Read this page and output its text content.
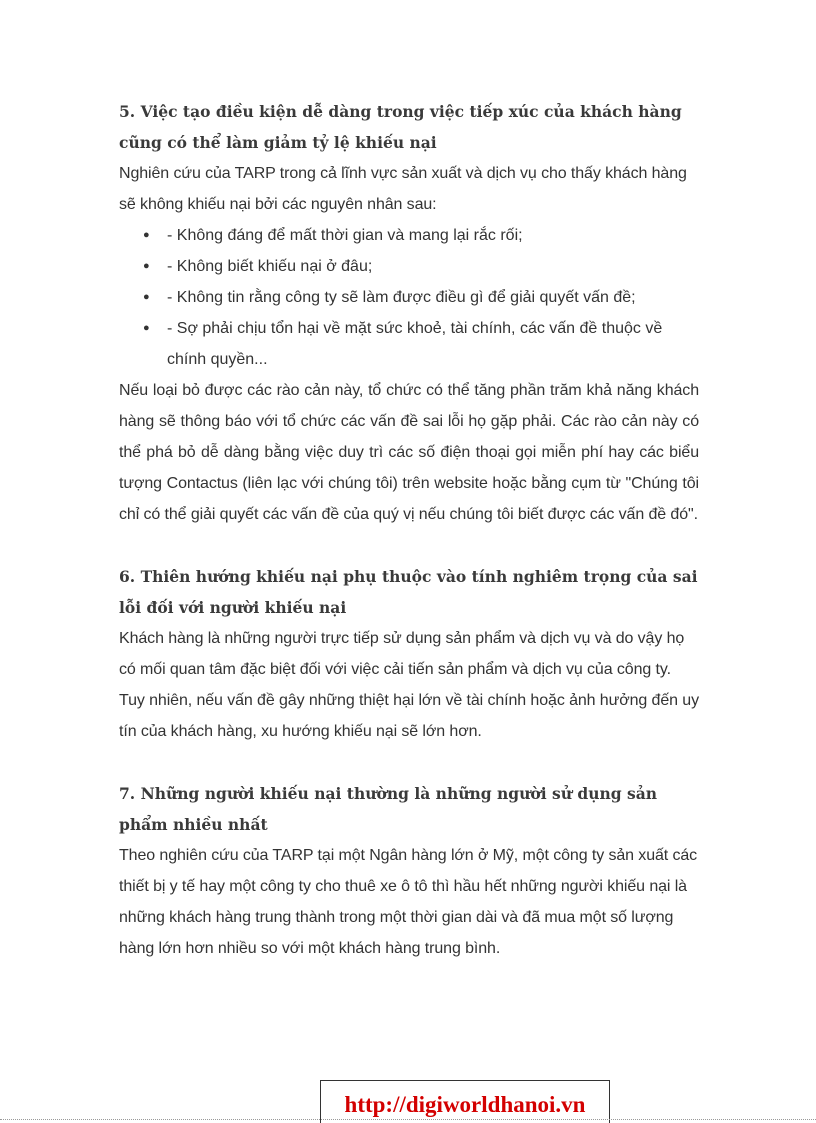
5. Việc tạo điều kiện dễ dàng trong việc tiếp xúc của khách hàng cũng có thể làm giảm tỷ lệ khiếu nại

Nghiên cứu của TARP trong cả lĩnh vực sản xuất và dịch vụ cho thấy khách hàng sẽ không khiếu nại bởi các nguyên nhân sau:

● - Không đáng để mất thời gian và mang lại rắc rối;
● - Không biết khiếu nại ở đâu;
● - Không tin rằng công ty sẽ làm được điều gì để giải quyết vấn đề;
● - Sợ phải chịu tổn hại về mặt sức khoẻ, tài chính, các vấn đề thuộc về chính quyền...

Nếu loại bỏ được các rào cản này, tổ chức có thể tăng phần trăm khả năng khách hàng sẽ thông báo với tổ chức các vấn đề sai lỗi họ gặp phải. Các rào cản này có thể phá bỏ dễ dàng bằng việc duy trì các số điện thoại gọi miễn phí hay các biểu tượng Contactus (liên lạc với chúng tôi) trên website hoặc bằng cụm từ "Chúng tôi chỉ có thể giải quyết các vấn đề của quý vị nếu chúng tôi biết được các vấn đề đó".

6. Thiên hướng khiếu nại phụ thuộc vào tính nghiêm trọng của sai lỗi đối với người khiếu nại

Khách hàng là những người trực tiếp sử dụng sản phẩm và dịch vụ và do vậy họ có mối quan tâm đặc biệt đối với việc cải tiến sản phẩm và dịch vụ của công ty. Tuy nhiên, nếu vấn đề gây những thiệt hại lớn về tài chính hoặc ảnh hưởng đến uy tín của khách hàng, xu hướng khiếu nại sẽ lớn hơn.

7. Những người khiếu nại thường là những người sử dụng sản phẩm nhiều nhất

Theo nghiên cứu của TARP tại một Ngân hàng lớn ở Mỹ, một công ty sản xuất các thiết bị y tế hay một công ty cho thuê xe ô tô thì hầu hết những người khiếu nại là những khách hàng trung thành trong một thời gian dài và đã mua một số lượng hàng lớn hơn nhiều so với một khách hàng trung bình.

http://digiworldhanoi.vn
